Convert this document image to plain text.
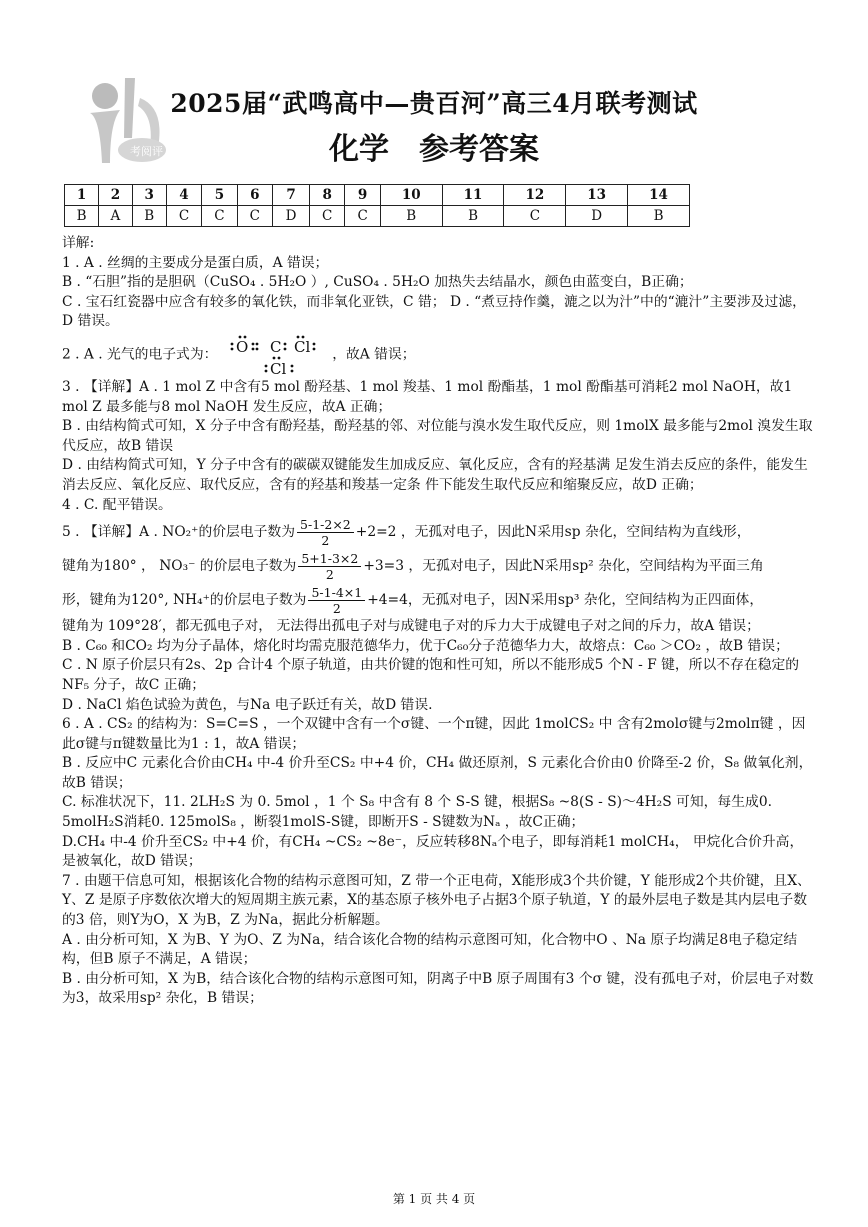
考阅评
2025届“武鸣高中—贵百河”高三4月联考测试
化学　参考答案
1	2	3	4	5	6	7	8	9	10	11	12	13	14
B	A	B	C	C	C	D	C	C	B	B	C	D	B

详解:

1 . A . 丝绸的主要成分是蛋白质，A 错误；

B . “石胆”指的是胆矾（CuSO₄ . 5H₂O ）, CuSO₄ . 5H₂O 加热失去结晶水，颜色由蓝变白，B正确；

C . 宝石红瓷器中应含有较多的氧化铁，而非氧化亚铁，C 错； D . “煮豆持作羹，漉之以为汁”中的“漉汁”主要涉及过滤，D 错误。

2 . A . 光气的电子式为： O C Cl
Cl
，故A 错误；

3 . 【详解】A . 1 mol Z 中含有5 mol 酚羟基、1 mol 羧基、1 mol 酚酯基，1 mol 酚酯基可消耗2 mol NaOH，故1 mol Z 最多能与8 mol NaOH 发生反应，故A 正确；

B . 由结构简式可知，X 分子中含有酚羟基，酚羟基的邻、对位能与溴水发生取代反应，则 1molX 最多能与2mol 溴发生取代反应，故B 错误

D . 由结构简式可知，Y 分子中含有的碳碳双键能发生加成反应、氧化反应，含有的羟基满 足发生消去反应的条件，能发生消去反应、氧化反应、取代反应，含有的羟基和羧基一定条 件下能发生取代反应和缩聚反应，故D 正确；

4 . C. 配平错误。

5 . 【详解】A . NO₂⁺的价层电子数为 $\frac{5-1-2\times 2}{2} +2=2$ ，无孤对电子，因此N采用sp 杂化，空间结构为直线形，

键角为180° ， NO₃⁻ 的价层电子数为 $\frac{5+1-3\times 2}{2} +3=3$ ，无孤对电子，因此N采用sp² 杂化，空间结构为平面三角

形，键角为120°, NH₄⁺的价层电子数为 $\frac{5-1-4\times 1}{2} +4=4$，无孤对电子，因N采用sp³ 杂化，空间结构为正四面体，

键角为 109°28′，都无孤电子对， 无法得出孤电子对与成键电子对的斥力大于成键电子对之间的斥力，故A 错误；

B . C₆₀ 和CO₂ 均为分子晶体，熔化时均需克服范德华力，优于C₆₀分子范德华力大，故熔点：C₆₀ ＞CO₂ ，故B 错误；

C . N 原子价层只有2s、2p 合计4 个原子轨道，由共价键的饱和性可知，所以不能形成5 个N - F 键，所以不存在稳定的NF₅ 分子，故C 正确；

D . NaCl 焰色试验为黄色，与Na 电子跃迁有关，故D 错误.

6 . A . CS₂ 的结构为：S=C=S ，一个双键中含有一个σ键、一个π键，因此 1molCS₂ 中 含有2molσ键与2molπ键 ，因此σ键与π键数量比为1 : 1，故A 错误；

B . 反应中C 元素化合价由CH₄ 中-4 价升至CS₂ 中+4 价，CH₄ 做还原剂，S 元素化合价由0 价降至-2 价，S₈ 做氧化剂，故B 错误；

C. 标准状况下，11. 2LH₂S 为 0. 5mol ，1 个 S₈ 中含有 8 个 S-S 键，根据S₈ ~8(S - S)～4H₂S 可知，每生成0. 5molH₂S消耗0. 125molS₈ ，断裂1molS-S键，即断开S - S键数为Nₐ ，故C正确；

D.CH₄ 中-4 价升至CS₂ 中+4 价，有CH₄ ~CS₂ ~8e⁻，反应转移8Nₐ个电子，即每消耗1 molCH₄， 甲烷化合价升高，是被氧化，故D 错误；

7 . 由题干信息可知，根据该化合物的结构示意图可知，Z 带一个正电荷，X能形成3个共价键，Y 能形成2个共价键，且X、Y、Z 是原子序数依次增大的短周期主族元素，X的基态原子核外电子占据3个原子轨道，Y 的最外层电子数是其内层电子数的3 倍，则Y为O，X 为B，Z 为Na，据此分析解题。

A . 由分析可知，X 为B、Y 为O、Z 为Na，结合该化合物的结构示意图可知，化合物中O 、Na 原子均满足8电子稳定结构，但B 原子不满足，A 错误；

B . 由分析可知，X 为B，结合该化合物的结构示意图可知，阴离子中B 原子周围有3 个σ 键，没有孤电子对，价层电子对数为3，故采用sp² 杂化，B 错误；

第 1 页 共 4 页
